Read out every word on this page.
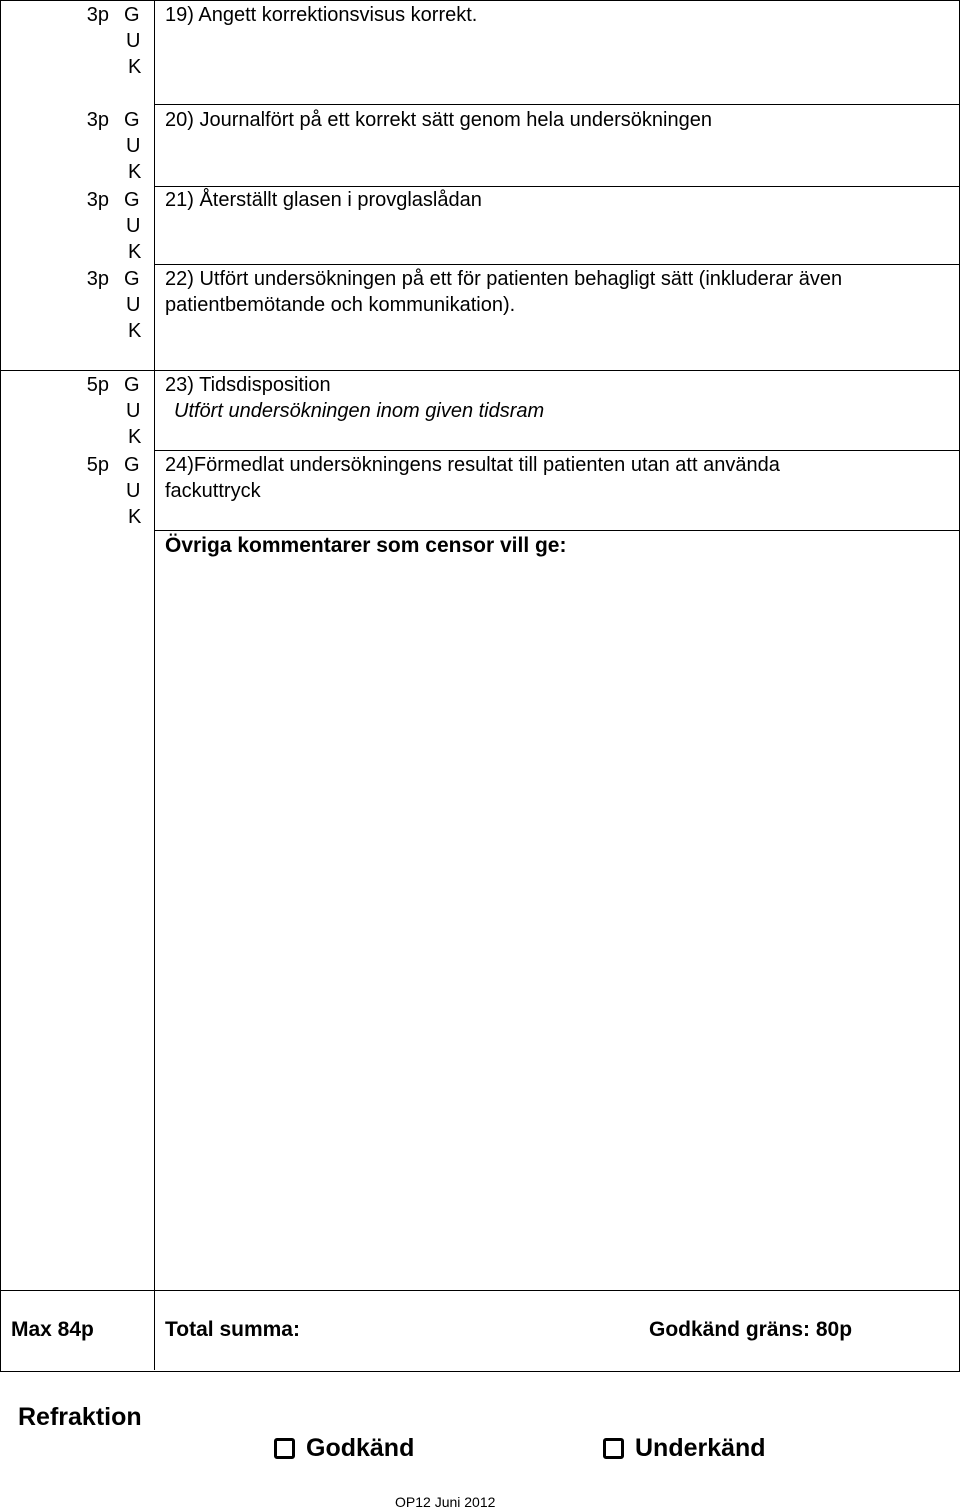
3p G
U
K
19) Angett korrektionsvisus korrekt.
3p G
U
K
20) Journalfört på ett korrekt sätt genom hela undersökningen
3p G
U
K
21) Återställt glasen i provglaslådan
3p G
U
K
22) Utfört undersökningen på ett för patienten behagligt sätt (inkluderar även
patientbemötande och kommunikation).
5p G
U
K
23) Tidsdisposition
Utfört undersökningen inom given tidsram
5p G
U
K
24)Förmedlat undersökningens resultat till patienten utan att använda
fackuttryck
Övriga kommentarer som censor vill ge:
Max 84p	Total summa:	Godkänd gräns: 80p
Refraktion
Godkänd	Underkänd
OP12 Juni 2012
